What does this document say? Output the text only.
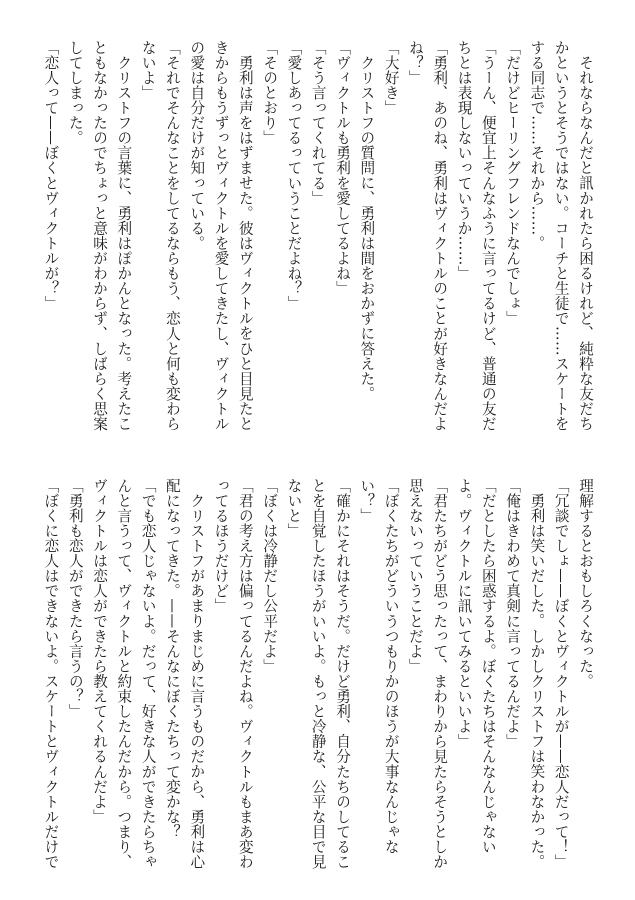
それならなんだと訊かれたら困るけれど、純粋な友だちかというとそうではない。コーチと生徒で……スケートをする同志で……それから……。

「だけどヒーリングフレンドなんでしょ」

「うーん、便宜上そんなふうに言ってるけど、普通の友だちとは表現しないっていうか……」

「勇利、あのね、勇利はヴィクトルのことが好きなんだよね？」

「大好き」

クリストフの質問に、勇利は間をおかずに答えた。

「ヴィクトルも勇利を愛してるよね」

「そう言ってくれてる」

「愛しあってるっていうことだよね？」

「そのとおり」

勇利は声をはずませた。彼はヴィクトルをひと目見たときからもうずっとヴィクトルを愛してきたし、ヴィクトルの愛は自分だけが知っている。

「それでそんなことをしてるならもう、恋人と何も変わらないよ」

クリストフの言葉に、勇利はぽかんとなった。考えたこともなかったのでちょっと意味がわからず、しばらく思案してしまった。

「恋人って——ぼくとヴィクトルが？」

理解するとおもしろくなった。

「冗談でしょ——ぼくとヴィクトルが——恋人だって！」

勇利は笑いだした。しかしクリストフは笑わなかった。

「俺はきわめて真剣に言ってるんだよ」

「だとしたら困惑するよ。ぼくたちはそんなんじゃないよ。ヴィクトルに訊いてみるといいよ」

「君たちがどう思ったって、まわりから見たらそうとしか思えないっていうことだよ」

「ぼくたちがどういうつもりかのほうが大事なんじゃない？」

「確かにそれはそうだ。だけど勇利、自分たちのしてることを自覚したほうがいいよ。もっと冷静な、公平な目で見ないと」

「ぼくは冷静だし公平だよ」

「君の考え方は偏ってるんだよね。ヴィクトルもまあ変わってるほうだけど」

クリストフがあまりまじめに言うものだから、勇利は心配になってきた。——そんなにぼくたちって変かな？

「でも恋人じゃないよ。だって、好きな人ができたらちゃんと言うって、ヴィクトルと約束したんだから。つまり、ヴィクトルは恋人ができたら教えてくれるんだよ」

「勇利も恋人ができたら言うの？」

「ぼくに恋人はできないよ。スケートとヴィクトルだけで
